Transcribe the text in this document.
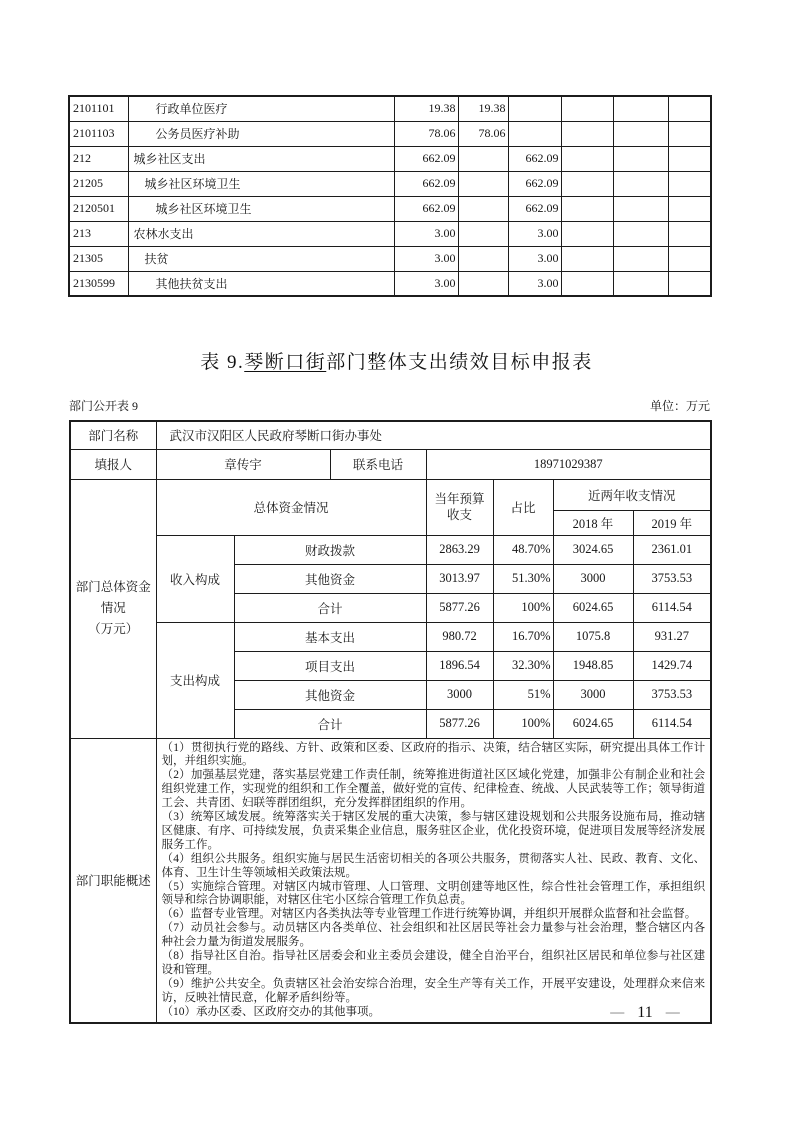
2101101	行政单位医疗	19.38	19.38				
2101103	公务员医疗补助	78.06	78.06				
212	城乡社区支出	662.09		662.09			
21205	城乡社区环境卫生	662.09		662.09			
2120501	城乡社区环境卫生	662.09		662.09			
213	农林水支出	3.00		3.00			
21305	扶贫	3.00		3.00			
2130599	其他扶贫支出	3.00		3.00			
表 9.琴断口街部门整体支出绩效目标申报表
部门公开表 9	单位：万元
部门名称	武汉市汉阳区人民政府琴断口街办事处						
填报人	章传宇		联系电话	18971029387			

部门总体资金
情况
（万元）	总体资金情况			当年预算收支	占比	近两年收支情况	
						2018 年	2019 年
	收入构成	财政拨款		2863.29	48.70%	3024.65	2361.01
		其他资金		3013.97	51.30%	3000	3753.53
		合计		5877.26	100%	6024.65	6114.54
	支出构成	基本支出		980.72	16.70%	1075.8	931.27
		项目支出		1896.54	32.30%	1948.85	1429.74
		其他资金		3000	51%	3000	3753.53
		合计		5877.26	100%	6024.65	6114.54
部门职能概述	
（1）贯彻执行党的路线、方针、政策和区委、区政府的指示、决策，结合辖区实际，研究提出具体工作计划，并组织实施。
（2）加强基层党建，落实基层党建工作责任制，统筹推进街道社区区域化党建，加强非公有制企业和社会组织党建工作，实现党的组织和工作全覆盖，做好党的宣传、纪律检查、统战、人民武装等工作；领导街道工会、共青团、妇联等群团组织，充分发挥群团组织的作用。
（3）统筹区域发展。统筹落实关于辖区发展的重大决策，参与辖区建设规划和公共服务设施布局，推动辖区健康、有序、可持续发展，负责采集企业信息，服务驻区企业，优化投资环境，促进项目发展等经济发展服务工作。
（4）组织公共服务。组织实施与居民生活密切相关的各项公共服务，贯彻落实人社、民政、教育、文化、体育、卫生计生等领域相关政策法规。
（5）实施综合管理。对辖区内城市管理、人口管理、文明创建等地区性，综合性社会管理工作，承担组织领导和综合协调职能，对辖区住宅小区综合管理工作负总责。
（6）监督专业管理。对辖区内各类执法等专业管理工作进行统筹协调，并组织开展群众监督和社会监督。
（7）动员社会参与。动员辖区内各类单位、社会组织和社区居民等社会力量参与社会治理，整合辖区内各种社会力量为街道发展服务。
（8）指导社区自治。指导社区居委会和业主委员会建设，健全自治平台，组织社区居民和单位参与社区建设和管理。
（9）维护公共安全。负责辖区社会治安综合治理，安全生产等有关工作，开展平安建设，处理群众来信来访，反映社情民意，化解矛盾纠纷等。
（10）承办区委、区政府交办的其他事项。	— 11 —
